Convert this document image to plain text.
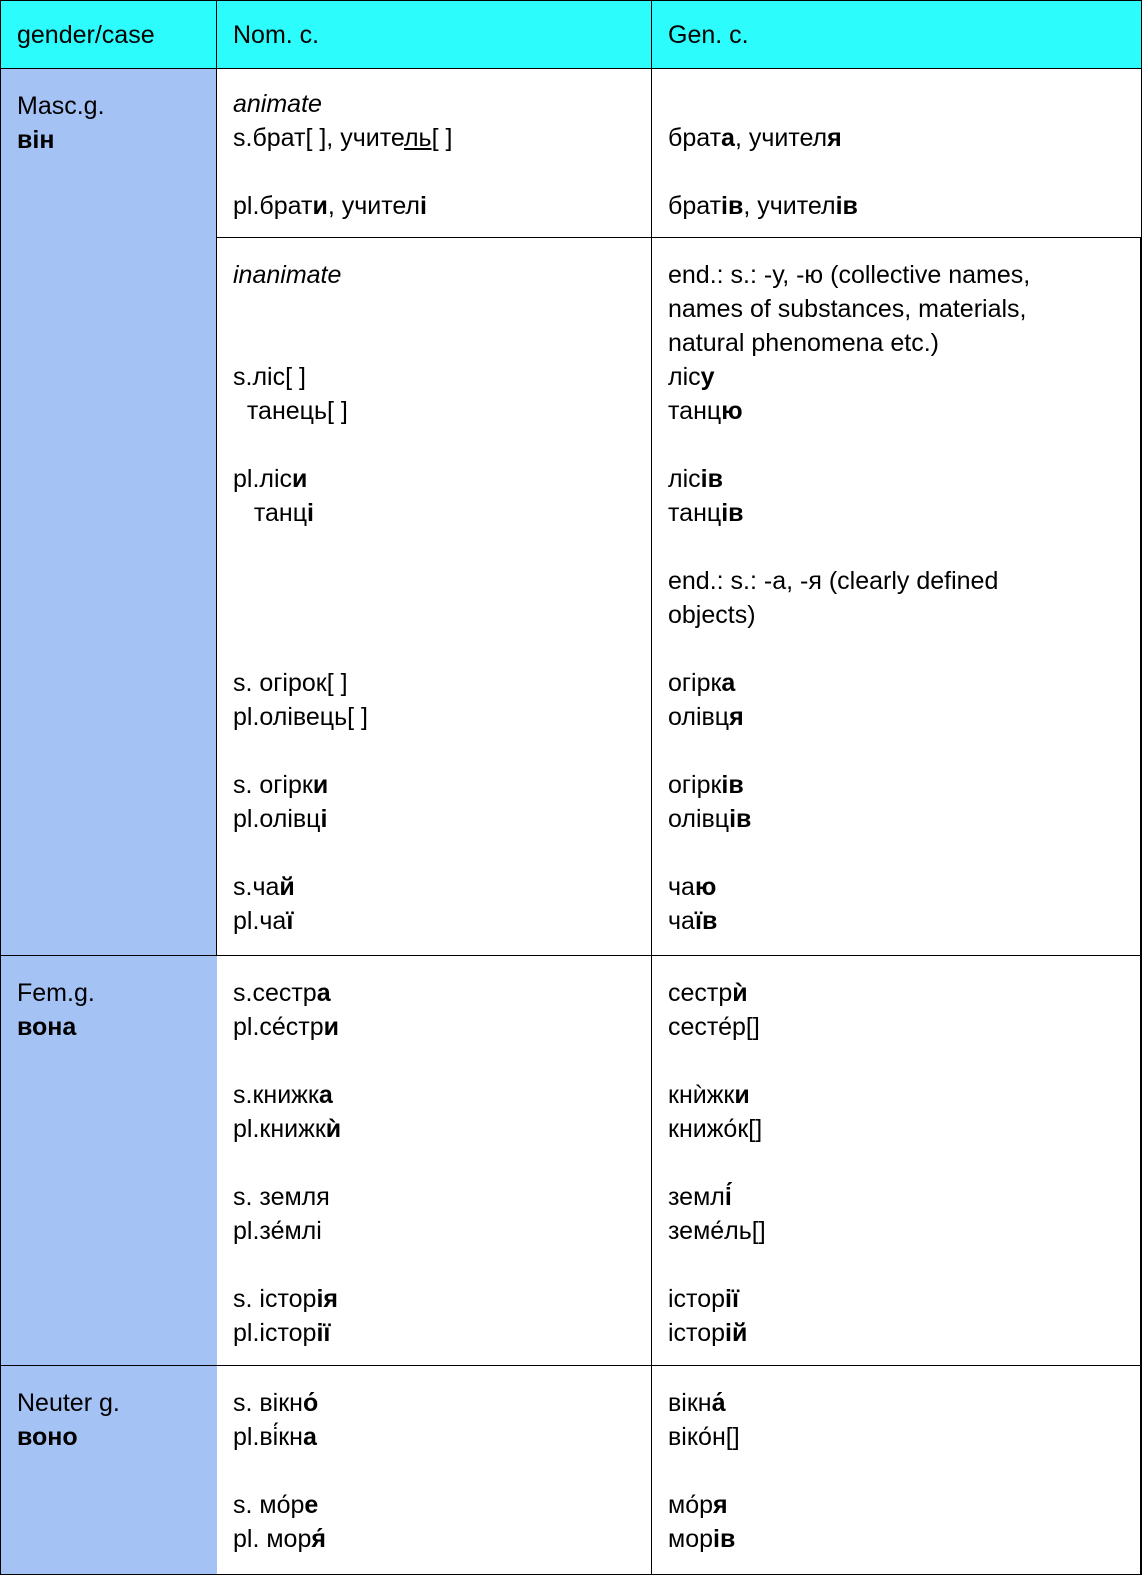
gender/case	Nom. c.	Gen. c.
Masc.g.
він
animate
s.брат[ ], учитель[ ]
pl.брати, учителі
брата, учителя
братів, учителів
inanimate
s.ліс[ ]
танець[ ]
pl.ліси
танці
s. огірок[ ]
pl.олівець[ ]
s. огірки
pl.олівці
s.чай
pl.чаї
end.: s.: -у, -ю (collective names,
names of substances, materials,
natural phenomena etc.)
лісу
танцю
лісів
танців
end.: s.: -а, -я (clearly defined
objects)
огірка
олівця
огірків
олівців
чаю
чаїв
Fem.g.
вона
s.сестра
pl.се́стри
s.книжка
pl.книжкѝ
s. земля
pl.зе́млі
s. історія
pl.історії
сестрѝ
сесте́р[]
кнѝжки
книжо́к[]
землі́
земе́ль[]
історії
історій
Neuter g.
воно
s. вікно́
pl.ві́кна
s. мо́ре
pl. моря́
вікна́
віко́н[]
мо́ря
морів
